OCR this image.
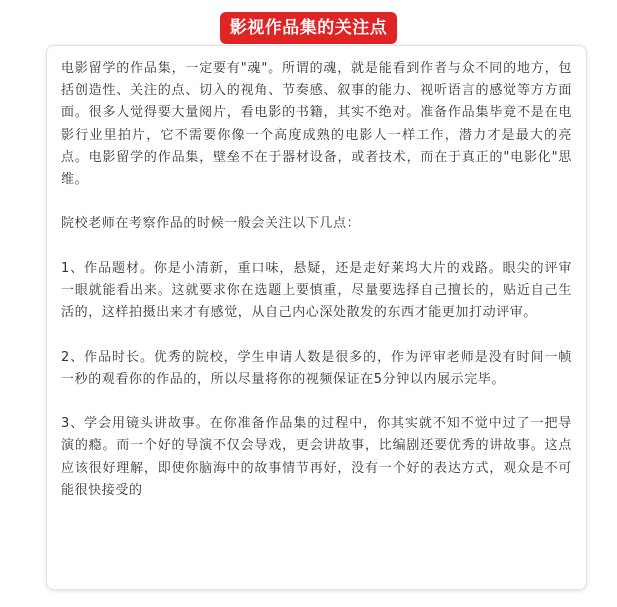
影视作品集的关注点

电影留学的作品集，一定要有"魂"。所谓的魂，就是能看到作者与众不同的地方，包括创造性、关注的点、切入的视角、节奏感、叙事的能力、视听语言的感觉等方方面面。很多人觉得要大量阅片，看电影的书籍，其实不绝对。准备作品集毕竟不是在电影行业里拍片，它不需要你像一个高度成熟的电影人一样工作，潜力才是最大的亮点。电影留学的作品集，壁垒不在于器材设备，或者技术，而在于真正的"电影化"思维。

院校老师在考察作品的时候一般会关注以下几点：

1、作品题材。你是小清新，重口味，悬疑，还是走好莱坞大片的戏路。眼尖的评审一眼就能看出来。这就要求你在选题上要慎重，尽量要选择自己擅长的，贴近自己生活的，这样拍摄出来才有感觉，从自己内心深处散发的东西才能更加打动评审。

2、作品时长。优秀的院校，学生申请人数是很多的，作为评审老师是没有时间一帧一秒的观看你的作品的，所以尽量将你的视频保证在5分钟以内展示完毕。

3、学会用镜头讲故事。在你准备作品集的过程中，你其实就不知不觉中过了一把导演的瘾。而一个好的导演不仅会导戏，更会讲故事，比编剧还要优秀的讲故事。这点应该很好理解，即使你脑海中的故事情节再好，没有一个好的表达方式，观众是不可能很快接受的
